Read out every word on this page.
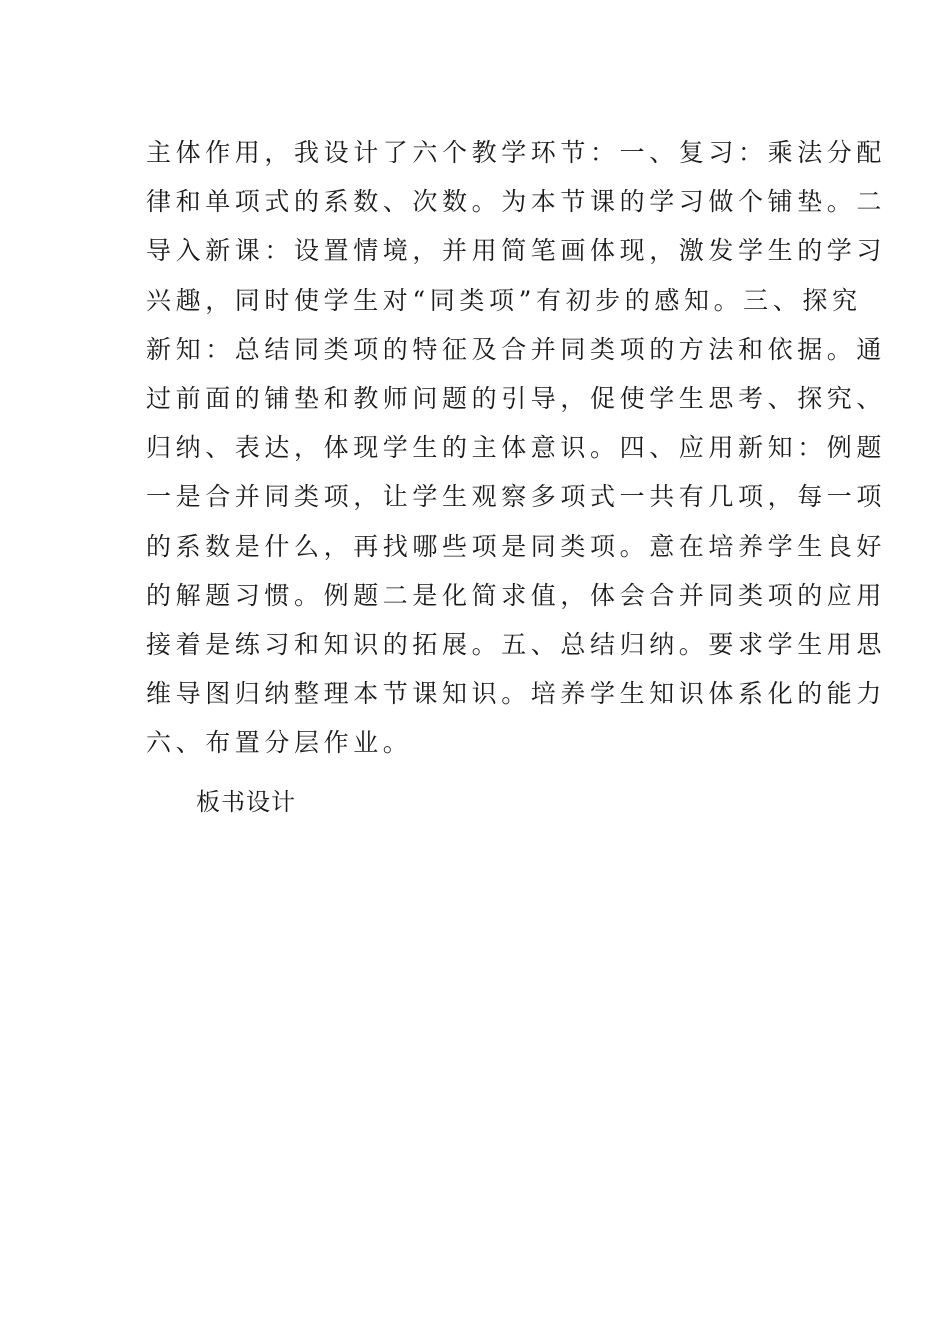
主体作用，我设计了六个教学环节：一、复习：乘法分配
律和单项式的系数、次数。为本节课的学习做个铺垫。二
导入新课：设置情境，并用简笔画体现，激发学生的学习
兴趣，同时使学生对“同类项”有初步的感知。三、探究
新知：总结同类项的特征及合并同类项的方法和依据。通
过前面的铺垫和教师问题的引导，促使学生思考、探究、
归纳、表达，体现学生的主体意识。四、应用新知：例题
一是合并同类项，让学生观察多项式一共有几项，每一项
的系数是什么，再找哪些项是同类项。意在培养学生良好
的解题习惯。例题二是化简求值，体会合并同类项的应用
接着是练习和知识的拓展。五、总结归纳。要求学生用思
维导图归纳整理本节课知识。培养学生知识体系化的能力
六、布置分层作业。
板书设计
